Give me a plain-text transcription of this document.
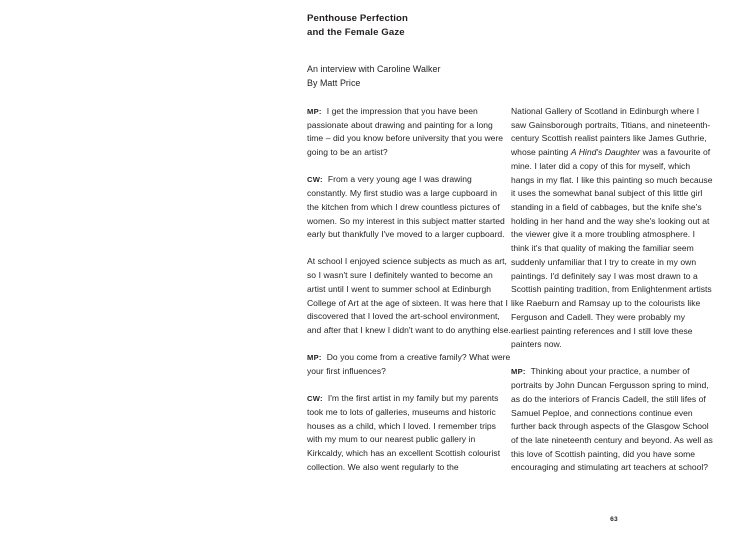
Penthouse Perfection
and the Female Gaze
An interview with Caroline Walker
By Matt Price

MP: I get the impression that you have been passionate about drawing and painting for a long time – did you know before university that you were going to be an artist?

CW: From a very young age I was drawing constantly. My first studio was a large cupboard in the kitchen from which I drew countless pictures of women. So my interest in this subject matter started early but thankfully I've moved to a larger cupboard.

At school I enjoyed science subjects as much as art, so I wasn't sure I definitely wanted to become an artist until I went to summer school at Edinburgh College of Art at the age of sixteen. It was here that I discovered that I loved the art-school environment, and after that I knew I didn't want to do anything else.

MP: Do you come from a creative family? What were your first influences?

CW: I'm the first artist in my family but my parents took me to lots of galleries, museums and historic houses as a child, which I loved. I remember trips with my mum to our nearest public gallery in Kirkcaldy, which has an excellent Scottish colourist collection. We also went regularly to the

National Gallery of Scotland in Edinburgh where I saw Gainsborough portraits, Titians, and nineteenth-century Scottish realist painters like James Guthrie, whose painting A Hind's Daughter was a favourite of mine. I later did a copy of this for myself, which hangs in my flat. I like this painting so much because it uses the somewhat banal subject of this little girl standing in a field of cabbages, but the knife she's holding in her hand and the way she's looking out at the viewer give it a more troubling atmosphere. I think it's that quality of making the familiar seem suddenly unfamiliar that I try to create in my own paintings. I'd definitely say I was most drawn to a Scottish painting tradition, from Enlightenment artists like Raeburn and Ramsay up to the colourists like Ferguson and Cadell. They were probably my earliest painting references and I still love these painters now.

MP: Thinking about your practice, a number of portraits by John Duncan Fergusson spring to mind, as do the interiors of Francis Cadell, the still lifes of Samuel Peploe, and connections continue even further back through aspects of the Glasgow School of the late nineteenth century and beyond. As well as this love of Scottish painting, did you have some encouraging and stimulating art teachers at school?

63
